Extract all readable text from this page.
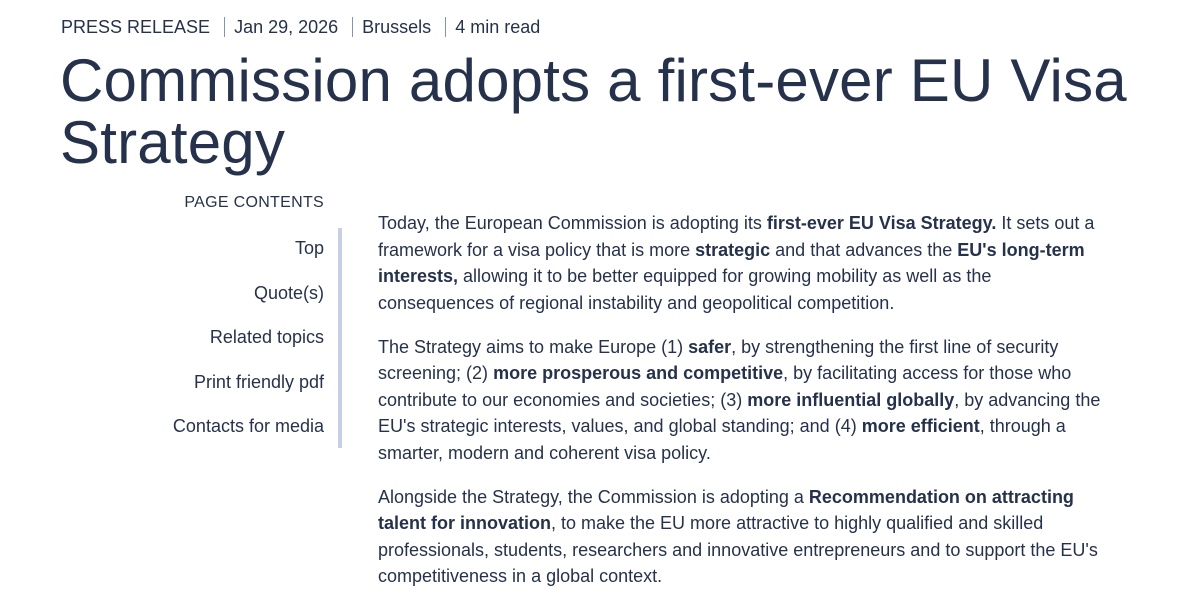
PRESS RELEASE Jan 29, 2026 Brussels 4 min read
Commission adopts a first-ever EU Visa Strategy
PAGE CONTENTS
Top
Quote(s)
Related topics
Print friendly pdf
Contacts for media

Today, the European Commission is adopting its first-ever EU Visa Strategy. It sets out a framework for a visa policy that is more strategic and that advances the EU's long-term interests, allowing it to be better equipped for growing mobility as well as the consequences of regional instability and geopolitical competition.

The Strategy aims to make Europe (1) safer, by strengthening the first line of security screening; (2) more prosperous and competitive, by facilitating access for those who contribute to our economies and societies; (3) more influential globally, by advancing the EU's strategic interests, values, and global standing; and (4) more efficient, through a smarter, modern and coherent visa policy.

Alongside the Strategy, the Commission is adopting a Recommendation on attracting talent for innovation, to make the EU more attractive to highly qualified and skilled professionals, students, researchers and innovative entrepreneurs and to support the EU's competitiveness in a global context.
